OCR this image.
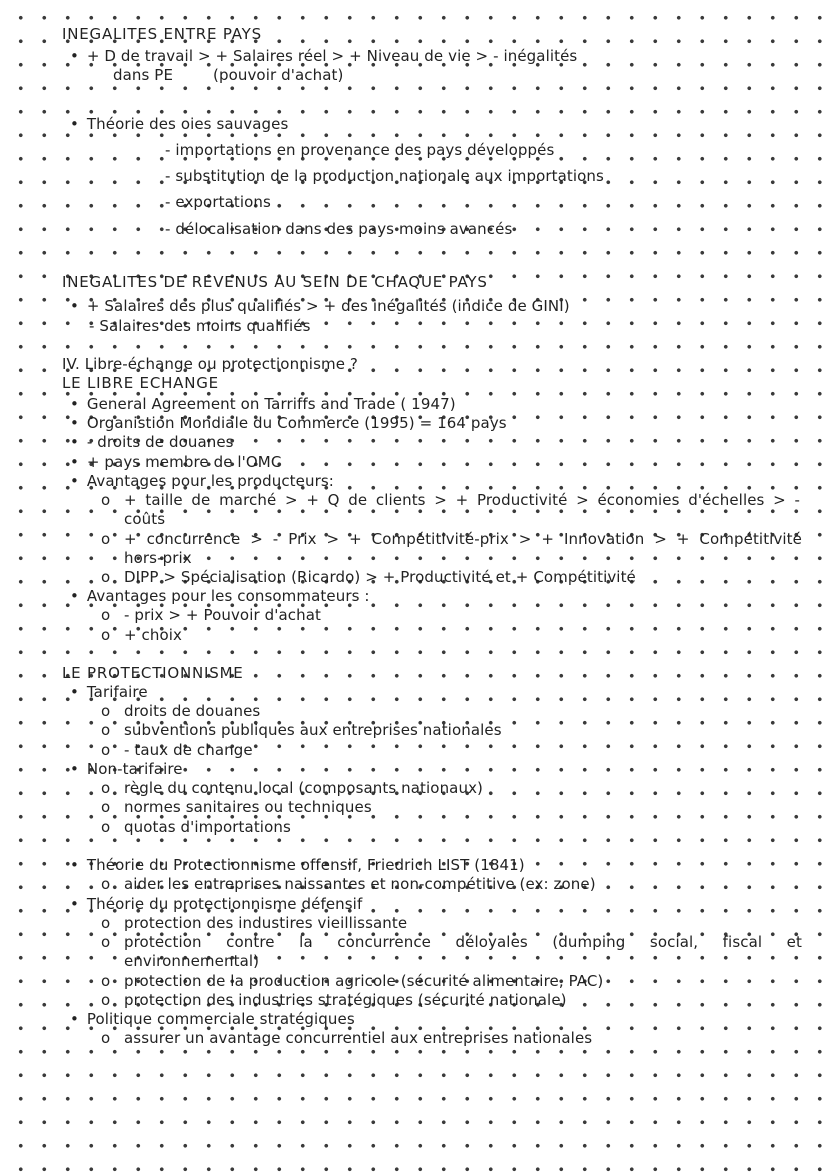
INEGALITES ENTRE PAYS
• + D de travail > + Salaires réel > + Niveau de vie > - inégalités
dans PE	(pouvoir d'achat)
• Théorie des oies sauvages
- importations en provenance des pays développés
- substitution de la production nationale aux importations
- exportations
- délocalisation dans des pays moins avancés
INEGALITES DE REVENUS AU SEIN DE CHAQUE PAYS
• + Salaires des plus qualifiés > + des inégalités (indice de GINI)
- Salaires des moins qualifiés
IV. Libre-échange ou protectionnisme ?
LE LIBRE ECHANGE
• General Agreement on Tarriffs and Trade ( 1947)
• Organistion Mondiale du Commerce (1995) = 164 pays
• - droits de douanes
• + pays membre de l'OMC
• Avantages pour les producteurs:
o + taille de marché > + Q de clients > + Productivité > économies d'échelles > -
coûts
o + concurrence > - Prix > + Compétitivité-prix > + Innovation > + Compétitivité
hors-prix
o DIPP > Spécialisation (Ricardo) > + Productivité et + Compétitivité
• Avantages pour les consommateurs :
o - prix > + Pouvoir d'achat
o + choix
LE PROTECTIONNISME
• Tarifaire
o droits de douanes
o subventions publiques aux entreprises nationales
o - taux de change
• Non-tarifaire
o règle du contenu local (composants nationaux)
o normes sanitaires ou techniques
o quotas d'importations
• Théorie du Protectionnisme offensif, Friedrich LIST (1841)
o aider les entreprises naissantes et non-compétitive (ex: zone)
• Théorie du protectionnisme défensif
o protection des industires vieillissante
o protection contre la concurrence déloyales (dumping social, fiscal et
environnemental)
o protection de la production agricole (sécurité alimentaire, PAC)
o protection des industries stratégiques (sécurité nationale)
• Politique commerciale stratégiques
o assurer un avantage concurrentiel aux entreprises nationales
